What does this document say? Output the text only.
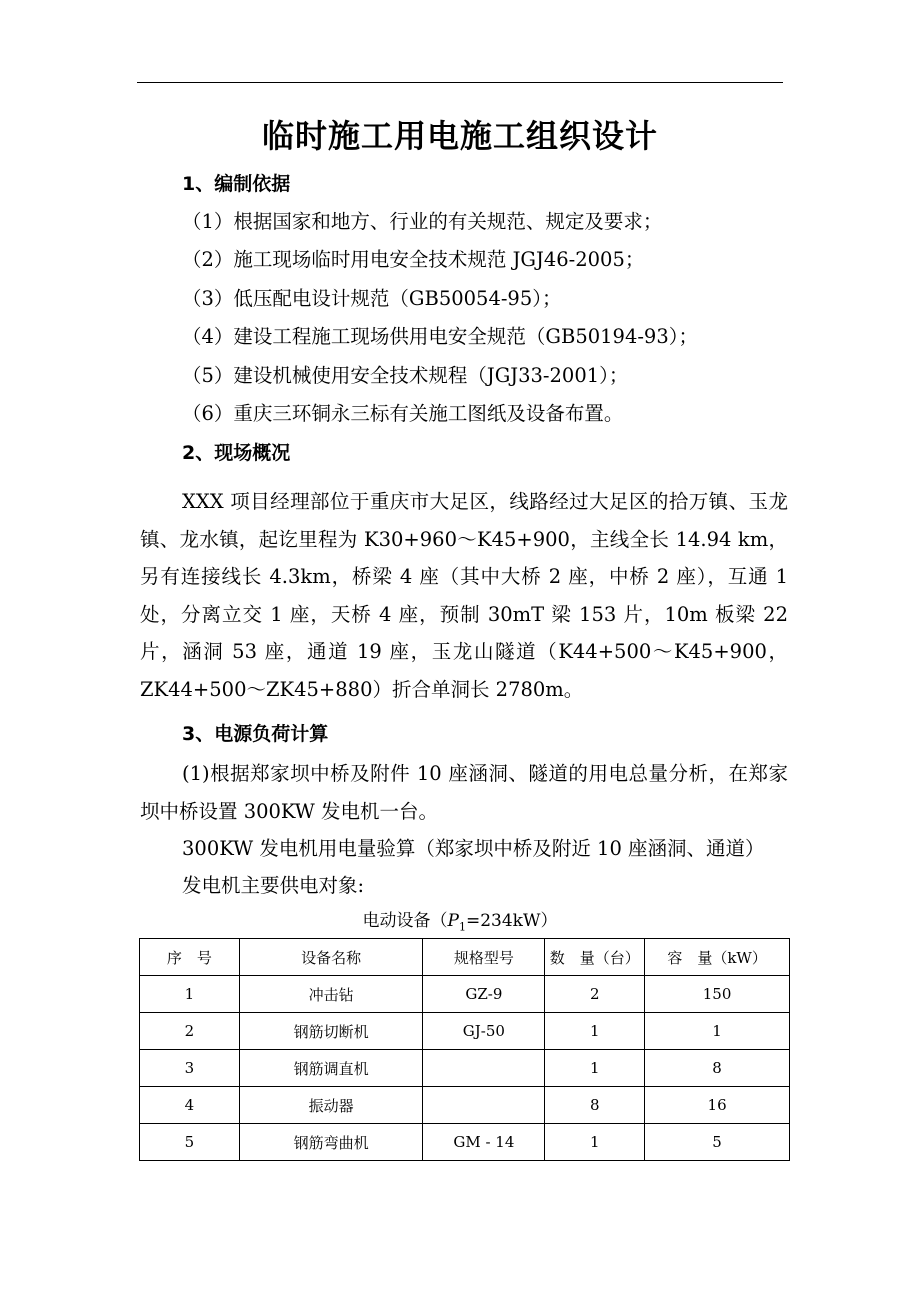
临时施工用电施工组织设计
1、编制依据
（1）根据国家和地方、行业的有关规范、规定及要求；
（2）施工现场临时用电安全技术规范 JGJ46-2005；
（3）低压配电设计规范（GB50054-95）；
（4）建设工程施工现场供用电安全规范（GB50194-93）；
（5）建设机械使用安全技术规程（JGJ33-2001）；
（6）重庆三环铜永三标有关施工图纸及设备布置。
2、现场概况
XXX 项目经理部位于重庆市大足区，线路经过大足区的拾万镇、玉龙镇、龙水镇，起讫里程为 K30+960～K45+900，主线全长 14.94 km，另有连接线长 4.3km，桥梁 4 座（其中大桥 2 座，中桥 2 座），互通 1 处，分离立交 1 座，天桥 4 座，预制 30mT 梁 153 片，10m 板梁 22 片，涵洞 53 座，通道 19 座，玉龙山隧道（K44+500～K45+900，ZK44+500～ZK45+880）折合单洞长 2780m。
3、电源负荷计算
(1)根据郑家坝中桥及附件 10 座涵洞、隧道的用电总量分析，在郑家坝中桥设置 300KW 发电机一台。
300KW 发电机用电量验算（郑家坝中桥及附近 10 座涵洞、通道）
发电机主要供电对象:
电动设备$(P_1=234kW)$
序　号	设备名称	规格型号	数　量（台）	容　量（kW）
1	冲击钻	GZ-9	2	150
2	钢筋切断机	GJ-50	1	1
3	钢筋调直机		1	8
4	振动器		8	16
5	钢筋弯曲机	GM - 14	1	5
